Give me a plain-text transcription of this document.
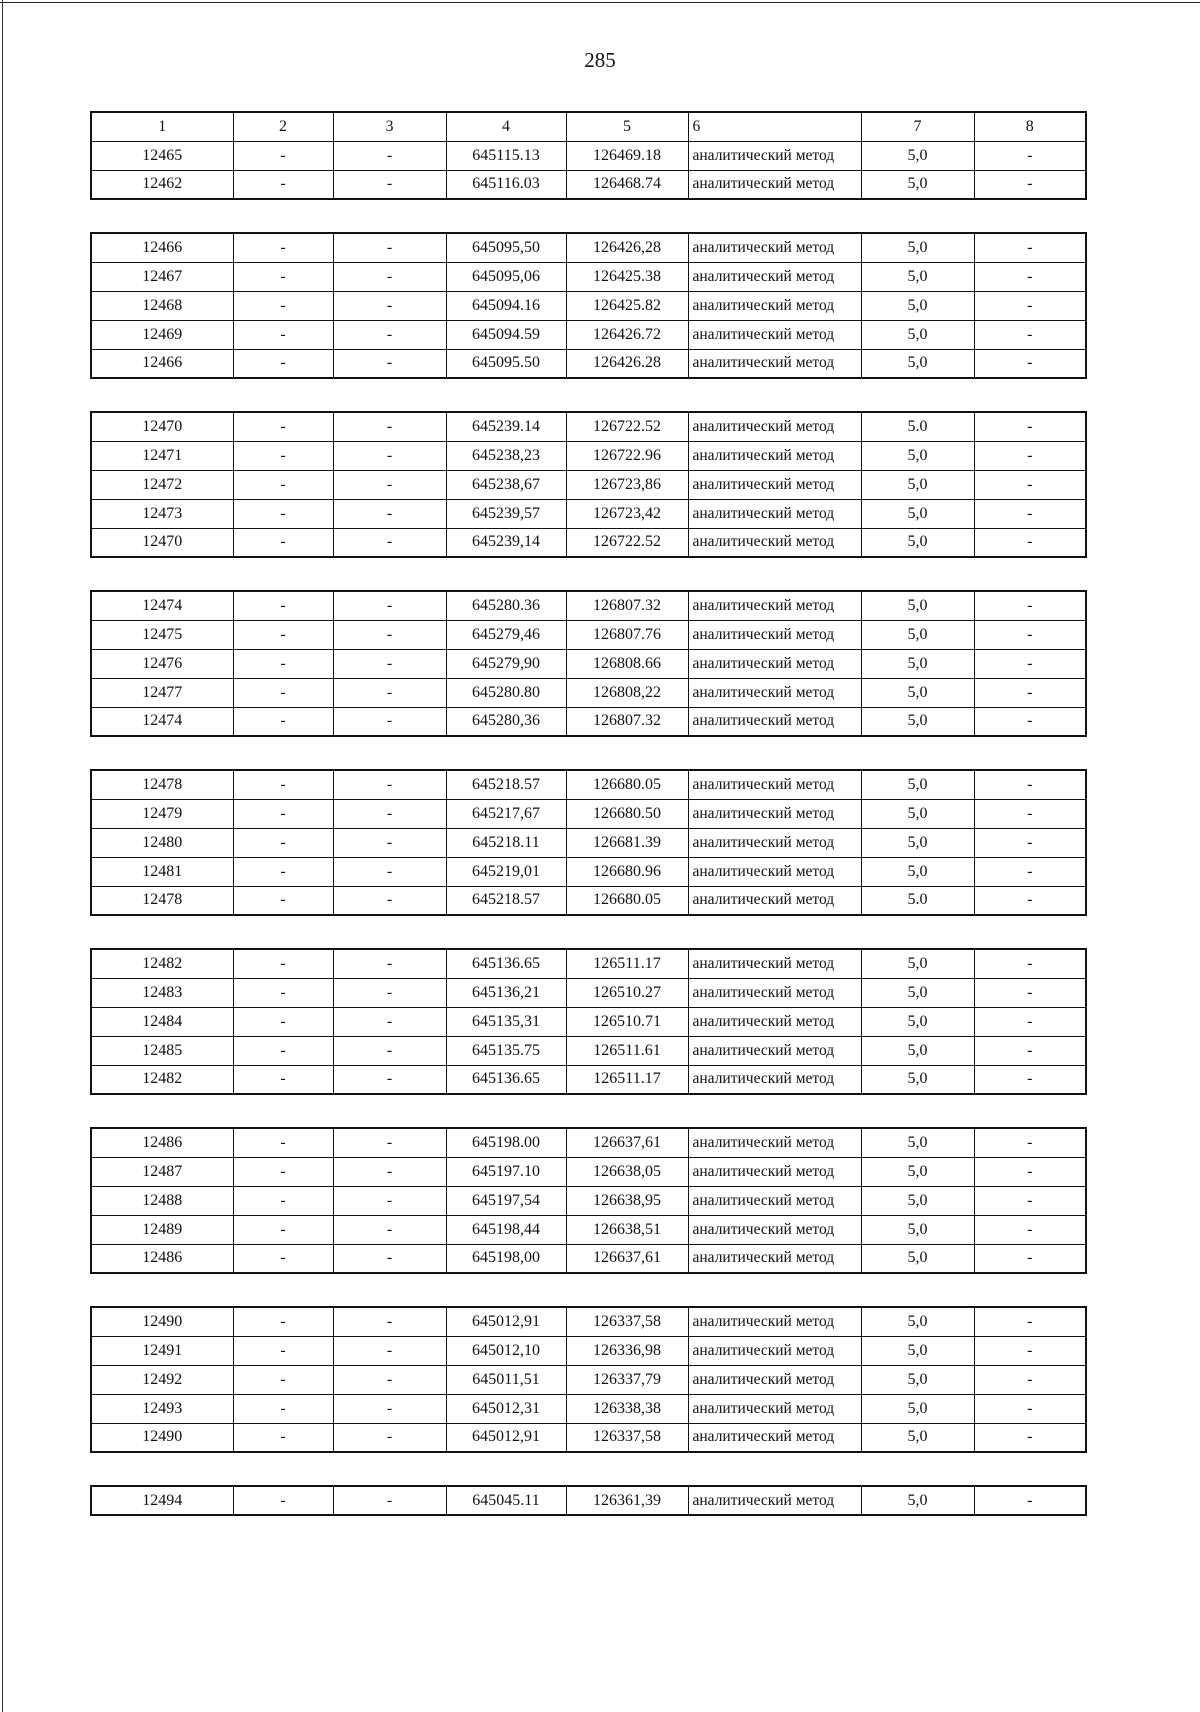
285
1	2	3	4	5	6	7	8
12465	-	-	645115.13	126469.18	аналитический метод	5,0	-
12462	-	-	645116.03	126468.74	аналитический метод	5,0	-
12466	-	-	645095,50	126426,28	аналитический метод	5,0	-
12467	-	-	645095,06	126425.38	аналитический метод	5,0	-
12468	-	-	645094.16	126425.82	аналитический метод	5,0	-
12469	-	-	645094.59	126426.72	аналитический метод	5,0	-
12466	-	-	645095.50	126426.28	аналитический метод	5,0	-
12470	-	-	645239.14	126722.52	аналитический метод	5.0	-
12471	-	-	645238,23	126722.96	аналитический метод	5,0	-
12472	-	-	645238,67	126723,86	аналитический метод	5,0	-
12473	-	-	645239,57	126723,42	аналитический метод	5,0	-
12470	-	-	645239,14	126722.52	аналитический метод	5,0	-
12474	-	-	645280.36	126807.32	аналитический метод	5,0	-
12475	-	-	645279,46	126807.76	аналитический метод	5,0	-
12476	-	-	645279,90	126808.66	аналитический метод	5,0	-
12477	-	-	645280.80	126808,22	аналитический метод	5,0	-
12474	-	-	645280,36	126807.32	аналитический метод	5,0	-
12478	-	-	645218.57	126680.05	аналитический метод	5,0	-
12479	-	-	645217,67	126680.50	аналитический метод	5,0	-
12480	-	-	645218.11	126681.39	аналитический метод	5,0	-
12481	-	-	645219,01	126680.96	аналитический метод	5,0	-
12478	-	-	645218.57	126680.05	аналитический метод	5.0	-
12482	-	-	645136.65	126511.17	аналитический метод	5,0	-
12483	-	-	645136,21	126510.27	аналитический метод	5,0	-
12484	-	-	645135,31	126510.71	аналитический метод	5,0	-
12485	-	-	645135.75	126511.61	аналитический метод	5,0	-
12482	-	-	645136.65	126511.17	аналитический метод	5,0	-
12486	-	-	645198.00	126637,61	аналитический метод	5,0	-
12487	-	-	645197.10	126638,05	аналитический метод	5,0	-
12488	-	-	645197,54	126638,95	аналитический метод	5,0	-
12489	-	-	645198,44	126638,51	аналитический метод	5,0	-
12486	-	-	645198,00	126637,61	аналитический метод	5,0	-
12490	-	-	645012,91	126337,58	аналитический метод	5,0	-
12491	-	-	645012,10	126336,98	аналитический метод	5,0	-
12492	-	-	645011,51	126337,79	аналитический метод	5,0	-
12493	-	-	645012,31	126338,38	аналитический метод	5,0	-
12490	-	-	645012,91	126337,58	аналитический метод	5,0	-
12494	-	-	645045.11	126361,39	аналитический метод	5,0	-
